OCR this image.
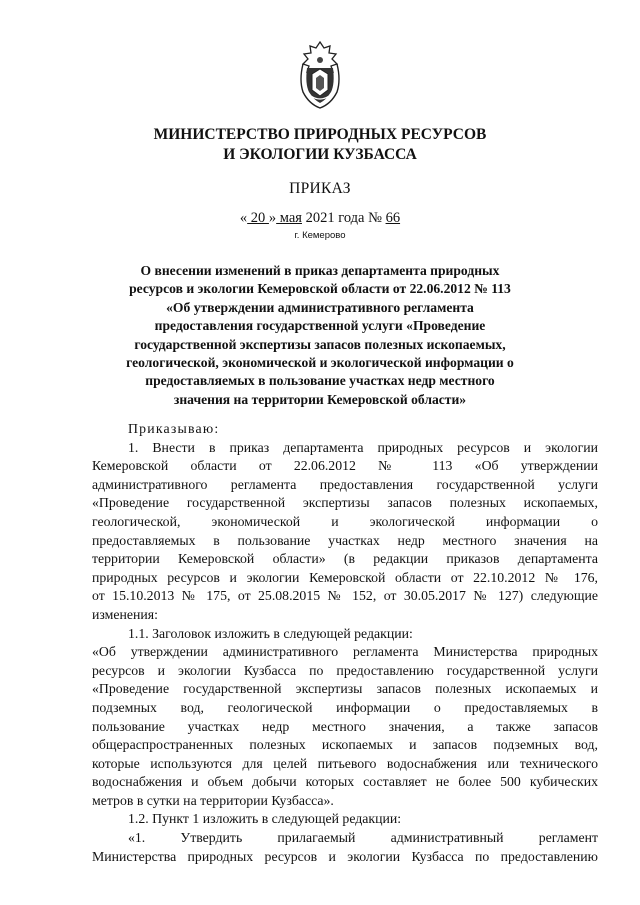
МИНИСТЕРСТВО ПРИРОДНЫХ РЕСУРСОВ
И ЭКОЛОГИИ КУЗБАССА
ПРИКАЗ
« 20 » мая 2021 года № 66
г. Кемерово
О внесении изменений в приказ департамента природных
ресурсов и экологии Кемеровской области от 22.06.2012 № 113
«Об утверждении административного регламента
предоставления государственной услуги «Проведение
государственной экспертизы запасов полезных ископаемых,
геологической, экономической и экологической информации о
предоставляемых в пользование участках недр местного
значения на территории Кемеровской области»

Приказываю:

1. Внести в приказ департамента природных ресурсов и экологии

Кемеровской области от 22.06.2012 № 113 «Об утверждении

административного регламента предоставления государственной услуги

«Проведение государственной экспертизы запасов полезных ископаемых,

геологической, экономической и экологической информации о

предоставляемых в пользование участках недр местного значения на

территории Кемеровской области» (в редакции приказов департамента

природных ресурсов и экологии Кемеровской области от 22.10.2012 № 176,

от 15.10.2013 № 175, от 25.08.2015 № 152, от 30.05.2017 № 127) следующие

изменения:

1.1. Заголовок изложить в следующей редакции:

«Об утверждении административного регламента Министерства природных

ресурсов и экологии Кузбасса по предоставлению государственной услуги

«Проведение государственной экспертизы запасов полезных ископаемых и

подземных вод, геологической информации о предоставляемых в

пользование участках недр местного значения, а также запасов

общераспространенных полезных ископаемых и запасов подземных вод,

которые используются для целей питьевого водоснабжения или технического

водоснабжения и объем добычи которых составляет не более 500 кубических

метров в сутки на территории Кузбасса».

1.2. Пункт 1 изложить в следующей редакции:

«1. Утвердить прилагаемый административный регламент

Министерства природных ресурсов и экологии Кузбасса по предоставлению
